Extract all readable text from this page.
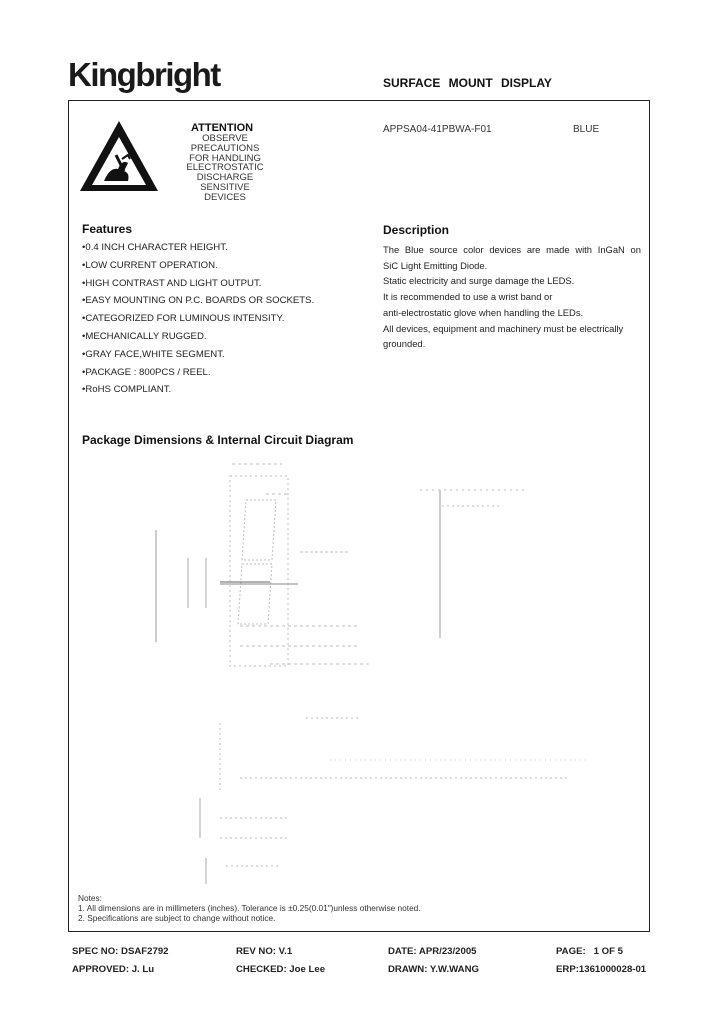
Kingbright	SURFACE MOUNT DISPLAY
ATTENTION
OBSERVE PRECAUTIONS
FOR HANDLING
ELECTROSTATIC
DISCHARGE
SENSITIVE
DEVICES
APPSA04-41PBWA-F01	BLUE
Features
•0.4 INCH CHARACTER HEIGHT.
•LOW CURRENT OPERATION.
•HIGH CONTRAST AND LIGHT OUTPUT.
•EASY MOUNTING ON P.C. BOARDS OR SOCKETS.
•CATEGORIZED FOR LUMINOUS INTENSITY.
•MECHANICALLY RUGGED.
•GRAY FACE,WHITE SEGMENT.
•PACKAGE : 800PCS / REEL.
•RoHS COMPLIANT.
Description

The Blue source color devices are made with InGaN on

SiC Light Emitting Diode.

Static electricity and surge damage the LEDS.

It is recommended to use a wrist band or

anti-electrostatic glove when handling the LEDs.

All devices, equipment and machinery must be electrically

grounded.

Package Dimensions & Internal Circuit Diagram
Notes:
1. All dimensions are in millimeters (inches). Tolerance is ±0.25(0.01")unless otherwise noted.
2. Specifications are subject to change without notice.
SPEC NO: DSAF2792	REV NO: V.1	DATE: APR/23/2005	PAGE:   1 OF 5
APPROVED: J. Lu	CHECKED: Joe Lee	DRAWN: Y.W.WANG	ERP:1361000028-01
